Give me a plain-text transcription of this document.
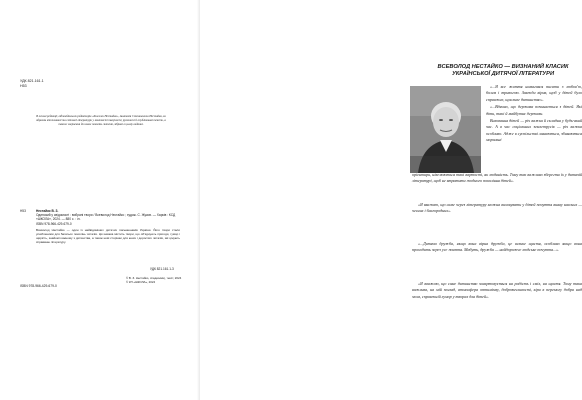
УДК 821.161.1
Н53
В основі редакції, відповідальних редакторів «Книжки Нестайка», Анатолія Степановича Нестайка, за образом вітчизняної та світової літератури у контексті творчості, рукописні й опубліковані тексти, а також звернення до нових поколінь читачів, зібрані в цьому виданні.
Н53	Нестайко В. З.
Одинокий у свідомості : вибрані твори / Всеволод Нестайко ; худож. С. Жуков. — Харків : КСД «ШКОЛА», 2024. — 880 с. : іл.
ISBN 978-966-429-679-0
Всеволод Нестайко — один із найвідоміших дитячих письменників України. Його твори стали улюбленими для багатьох поколінь читачів. Ця книжка містить твори, що об’єднують пригоди, гумор і щирість, знайомі кожному з дитинства, а також нові сторінки для юних і дорослих читачів, які цінують справжню літературу.
УДК 821.161.1-3
ISBN 978-966-429-679-0
© В. З. Нестайко, спадкоємці, текст, 2024
© КП «ШКОЛА», 2024
ВСЕВОЛОД НЕСТАЙКО — ВИЗНАНИЙ КЛАСИК УКРАЇНСЬКОЇ ДИТЯЧОЇ ЛІТЕРАТУРИ

«...Я все життя намагався писати з любов’ю, болем і тривогою. Завжди вірив, щоб у дітей було справжнє, щасливе дитинство».

«...Вдячно, що держава починається з дітей. Які діти, такі й майбутнє держави.

Виховання дітей — річ важка й складна у будь-який час. А в час соціальних землетрусів — річ важка особливо. Адже в суспільстві ламаються, збиваються моральні

орієнтири, нівелюються такі вартості, як людяність. Тому так важливо зберегти їх у дитячій літературі, щоб не втратити жодного покоління дітей».

«Я вважаю, що саме через літературу можна виховувати у дітей почуття вияву власних — чесних і благородних».

«...Дитяча дружба, якщо вона вірна дружба, це велике щастя, особливо якщо вона проходить через усе життя. Мабуть, дружба — найдорожче людське почуття...».

«Я вважаю, що саме дитинство загартовується на радість і сміх, на щастя. Тому така важлива, на мій погляд, атмосфера оптимізму, доброзичливості, віри в перемогу добра над злом, справжній гумор у творах для дітей».
